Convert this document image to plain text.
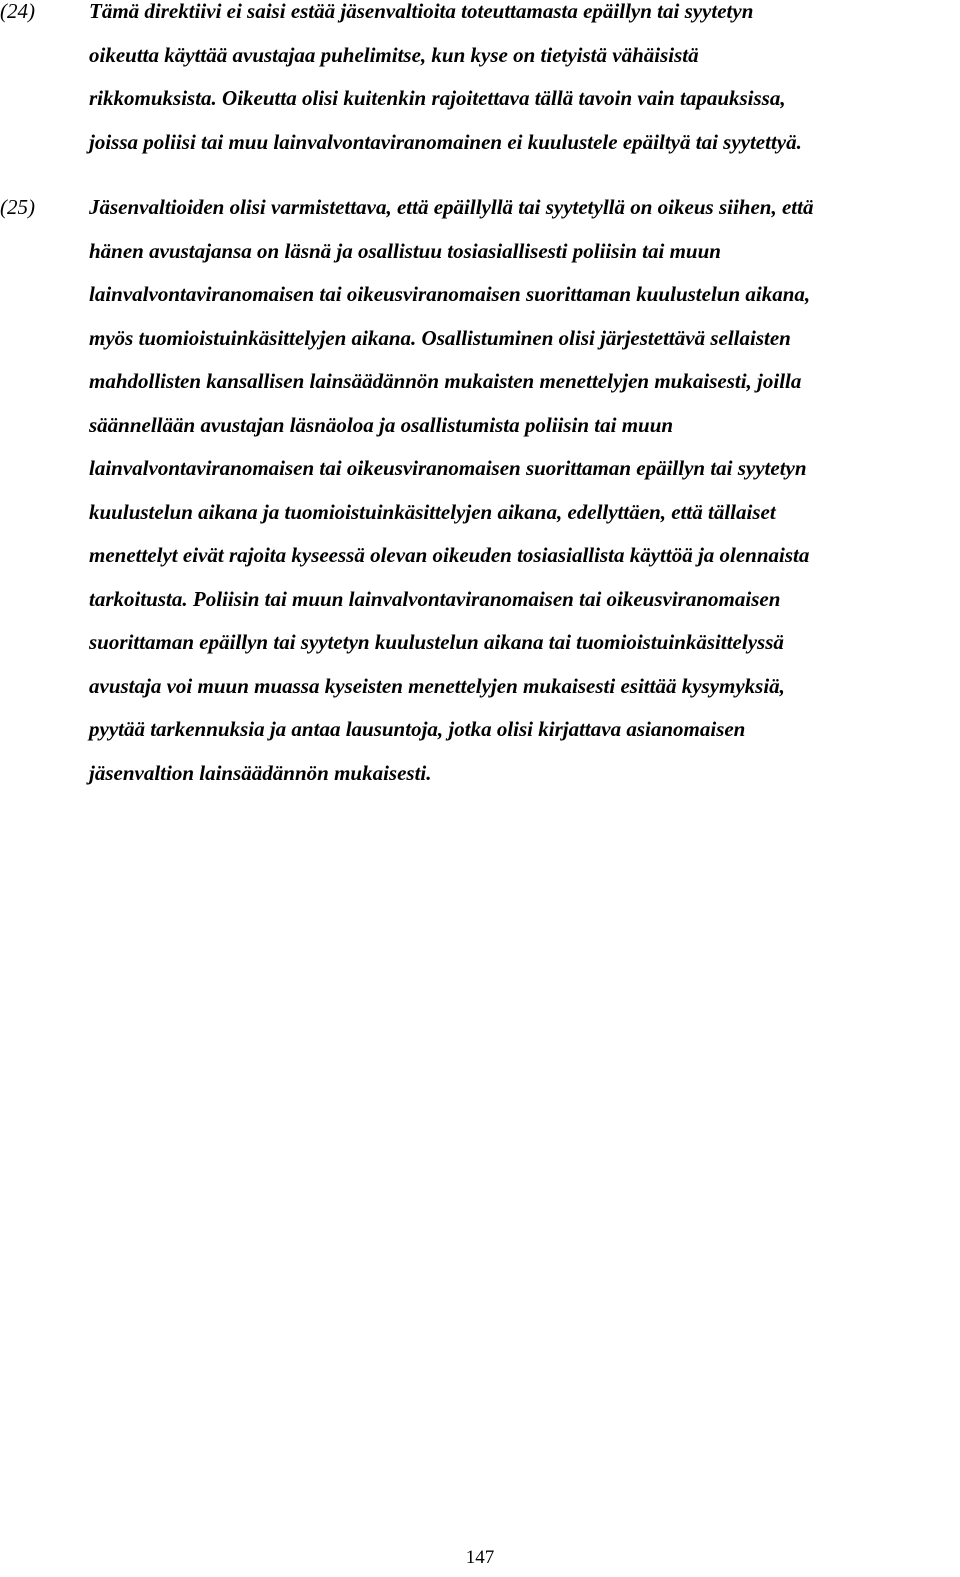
(24)	Tämä direktiivi ei saisi estää jäsenvaltioita toteuttamasta epäillyn tai syytetyn
oikeutta käyttää avustajaa puhelimitse, kun kyse on tietyistä vähäisistä
rikkomuksista. Oikeutta olisi kuitenkin rajoitettava tällä tavoin vain tapauksissa,
joissa poliisi tai muu lainvalvontaviranomainen ei kuulustele epäiltyä tai syytettyä.
(25)	Jäsenvaltioiden olisi varmistettava, että epäillyllä tai syytetyllä on oikeus siihen, että
hänen avustajansa on läsnä ja osallistuu tosiasiallisesti poliisin tai muun
lainvalvontaviranomaisen tai oikeusviranomaisen suorittaman kuulustelun aikana,
myös tuomioistuinkäsittelyjen aikana. Osallistuminen olisi järjestettävä sellaisten
mahdollisten kansallisen lainsäädännön mukaisten menettelyjen mukaisesti, joilla
säännellään avustajan läsnäoloa ja osallistumista poliisin tai muun
lainvalvontaviranomaisen tai oikeusviranomaisen suorittaman epäillyn tai syytetyn
kuulustelun aikana ja tuomioistuinkäsittelyjen aikana, edellyttäen, että tällaiset
menettelyt eivät rajoita kyseessä olevan oikeuden tosiasiallista käyttöä ja olennaista
tarkoitusta. Poliisin tai muun lainvalvontaviranomaisen tai oikeusviranomaisen
suorittaman epäillyn tai syytetyn kuulustelun aikana tai tuomioistuinkäsittelyssä
avustaja voi muun muassa kyseisten menettelyjen mukaisesti esittää kysymyksiä,
pyytää tarkennuksia ja antaa lausuntoja, jotka olisi kirjattava asianomaisen
jäsenvaltion lainsäädännön mukaisesti.
147
